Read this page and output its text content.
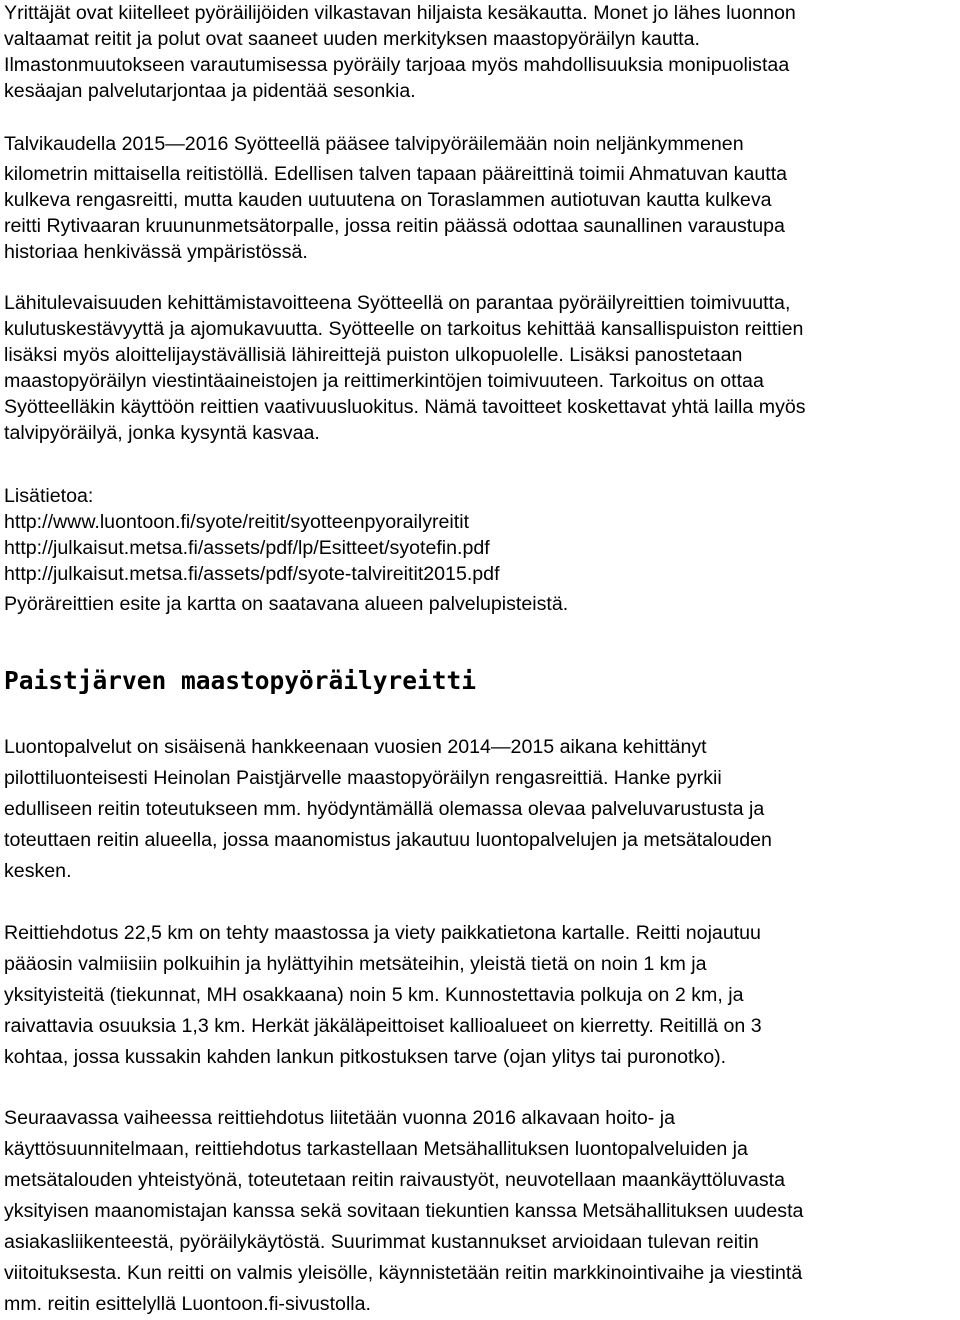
Yrittäjät ovat kiitelleet pyöräilijöiden vilkastavan hiljaista kesäkautta. Monet jo lähes luonnon
valtaamat reitit ja polut ovat saaneet uuden merkityksen maastopyöräilyn kautta.
Ilmastonmuutokseen varautumisessa pyöräily tarjoaa myös mahdollisuuksia monipuolistaa
kesäajan palvelutarjontaa ja pidentää sesonkia.
Talvikaudella 2015—2016 Syötteellä pääsee talvipyöräilemään noin neljänkymmenen
kilometrin mittaisella reitistöllä. Edellisen talven tapaan pääreittinä toimii Ahmatuvan kautta
kulkeva rengasreitti, mutta kauden uutuutena on Toraslammen autiotuvan kautta kulkeva
reitti Rytivaaran kruununmetsätorpalle, jossa reitin päässä odottaa saunallinen varaustupa
historiaa henkivässä ympäristössä.
Lähitulevaisuuden kehittämistavoitteena Syötteellä on parantaa pyöräilyreittien toimivuutta,
kulutuskestävyyttä ja ajomukavuutta. Syötteelle on tarkoitus kehittää kansallispuiston reittien
lisäksi myös aloittelijaystävällisiä lähireittejä puiston ulkopuolelle. Lisäksi panostetaan
maastopyöräilyn viestintäaineistojen ja reittimerkintöjen toimivuuteen. Tarkoitus on ottaa
Syötteelläkin käyttöön reittien vaativuusluokitus. Nämä tavoitteet koskettavat yhtä lailla myös
talvipyöräilyä, jonka kysyntä kasvaa.
Lisätietoa:
http://www.luontoon.fi/syote/reitit/syotteenpyorailyreitit
http://julkaisut.metsa.fi/assets/pdf/lp/Esitteet/syotefin.pdf
http://julkaisut.metsa.fi/assets/pdf/syote-talvireitit2015.pdf
Pyöräreittien esite ja kartta on saatavana alueen palvelupisteistä.
Paistjärven maastopyöräilyreitti
Luontopalvelut on sisäisenä hankkeenaan vuosien 2014—2015 aikana kehittänyt
pilottiluonteisesti Heinolan Paistjärvelle maastopyöräilyn rengasreittiä. Hanke pyrkii
edulliseen reitin toteutukseen mm. hyödyntämällä olemassa olevaa palveluvarustusta ja
toteuttaen reitin alueella, jossa maanomistus jakautuu luontopalvelujen ja metsätalouden
kesken.
Reittiehdotus 22,5 km on tehty maastossa ja viety paikkatietona kartalle. Reitti nojautuu
pääosin valmiisiin polkuihin ja hylättyihin metsäteihin, yleistä tietä on noin 1 km ja
yksityisteitä (tiekunnat, MH osakkaana) noin 5 km. Kunnostettavia polkuja on 2 km, ja
raivattavia osuuksia 1,3 km. Herkät jäkäläpeittoiset kallioalueet on kierretty. Reitillä on 3
kohtaa, jossa kussakin kahden lankun pitkostuksen tarve (ojan ylitys tai puronotko).
Seuraavassa vaiheessa reittiehdotus liitetään vuonna 2016 alkavaan hoito- ja
käyttösuunnitelmaan, reittiehdotus tarkastellaan Metsähallituksen luontopalveluiden ja
metsätalouden yhteistyönä, toteutetaan reitin raivaustyöt, neuvotellaan maankäyttöluvasta
yksityisen maanomistajan kanssa sekä sovitaan tiekuntien kanssa Metsähallituksen uudesta
asiakasliikenteestä, pyöräilykäytöstä. Suurimmat kustannukset arvioidaan tulevan reitin
viitoituksesta. Kun reitti on valmis yleisölle, käynnistetään reitin markkinointivaihe ja viestintä
mm. reitin esittelyllä Luontoon.fi-sivustolla.
